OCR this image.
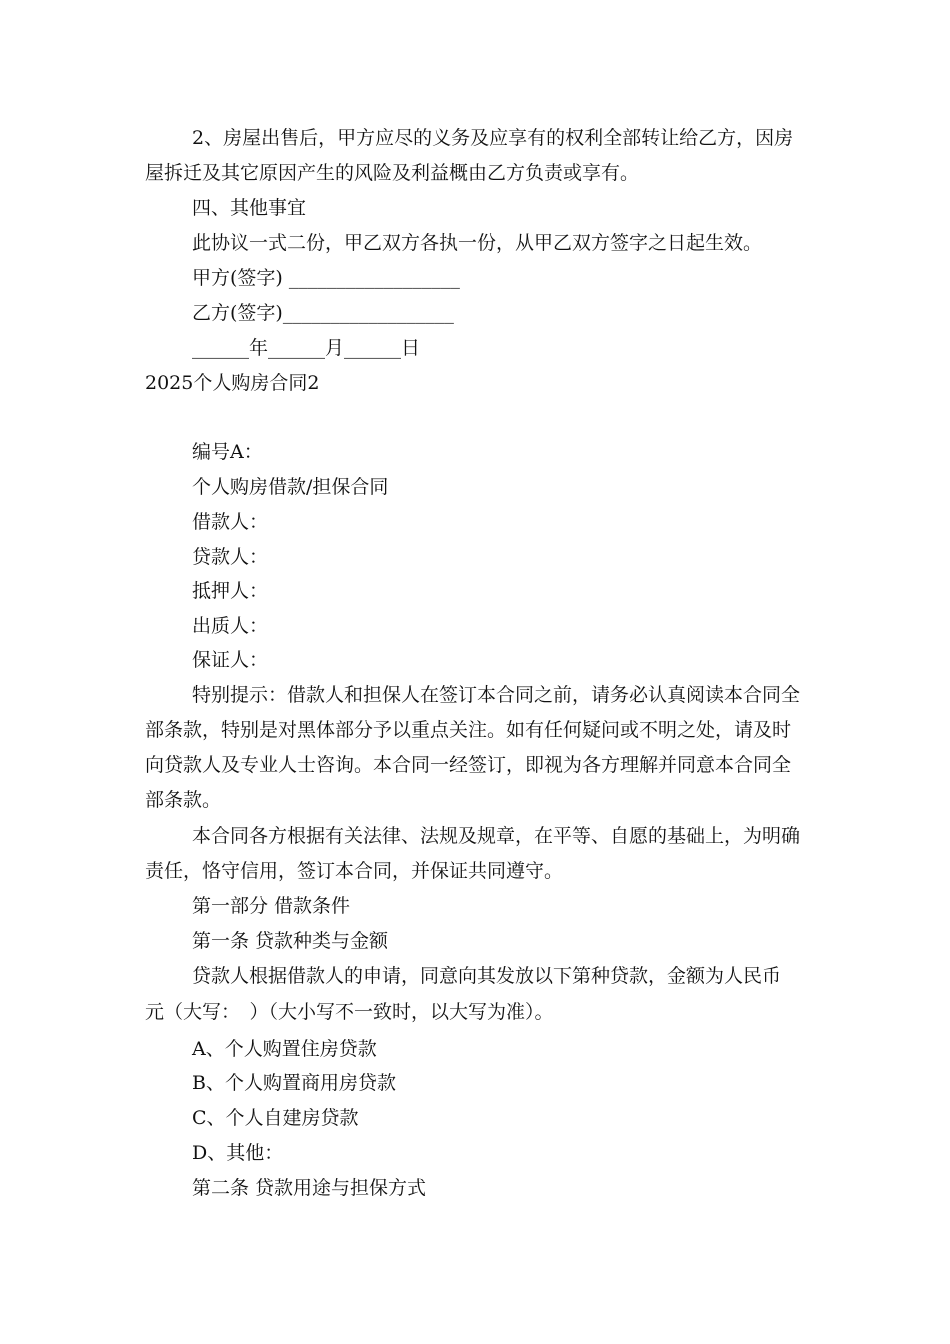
2、房屋出售后，甲方应尽的义务及应享有的权利全部转让给乙方，因房
屋拆迁及其它原因产生的风险及利益概由乙方负责或享有。
四、其他事宜
此协议一式二份，甲乙双方各执一份，从甲乙双方签字之日起生效。
甲方(签字) __________________
乙方(签字)__________________
______年______月______日
2025个人购房合同2
编号A：
个人购房借款/担保合同
借款人：
贷款人：
抵押人：
出质人：
保证人：
特别提示：借款人和担保人在签订本合同之前，请务必认真阅读本合同全
部条款，特别是对黑体部分予以重点关注。如有任何疑问或不明之处，请及时
向贷款人及专业人士咨询。本合同一经签订，即视为各方理解并同意本合同全
部条款。
本合同各方根据有关法律、法规及规章，在平等、自愿的基础上，为明确
责任，恪守信用，签订本合同，并保证共同遵守。
第一部分 借款条件
第一条 贷款种类与金额
贷款人根据借款人的申请，同意向其发放以下第种贷款，金额为人民币
元（大写：　）（大小写不一致时，以大写为准）。
A、个人购置住房贷款
B、个人购置商用房贷款
C、个人自建房贷款
D、其他：
第二条 贷款用途与担保方式
